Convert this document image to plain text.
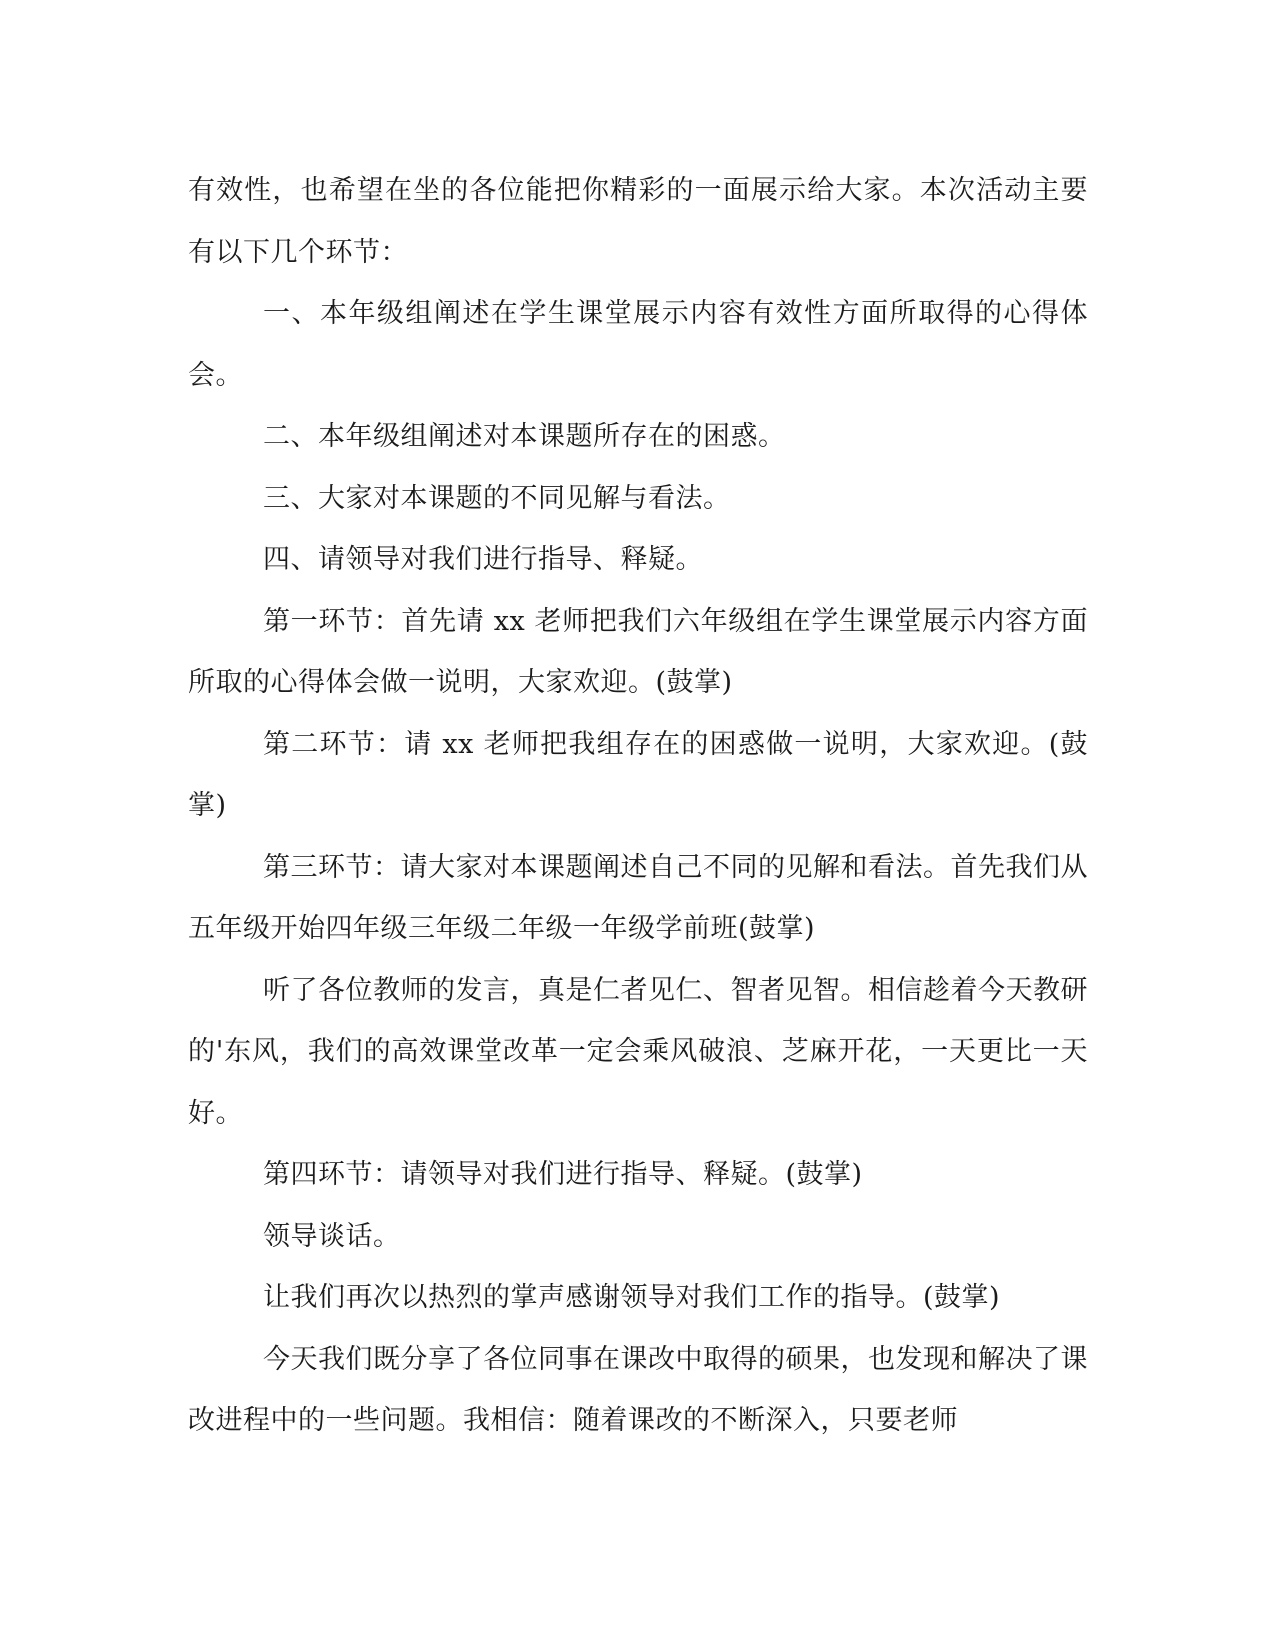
有效性，也希望在坐的各位能把你精彩的一面展示给大家。本次活动主要有以下几个环节：

一、本年级组阐述在学生课堂展示内容有效性方面所取得的心得体会。

二、本年级组阐述对本课题所存在的困惑。

三、大家对本课题的不同见解与看法。

四、请领导对我们进行指导、释疑。

第一环节：首先请 xx 老师把我们六年级组在学生课堂展示内容方面所取的心得体会做一说明，大家欢迎。(鼓掌)

第二环节：请 xx 老师把我组存在的困惑做一说明，大家欢迎。(鼓掌)

第三环节：请大家对本课题阐述自己不同的见解和看法。首先我们从五年级开始四年级三年级二年级一年级学前班(鼓掌)

听了各位教师的发言，真是仁者见仁、智者见智。相信趁着今天教研的'东风，我们的高效课堂改革一定会乘风破浪、芝麻开花，一天更比一天好。

第四环节：请领导对我们进行指导、释疑。(鼓掌)

领导谈话。

让我们再次以热烈的掌声感谢领导对我们工作的指导。(鼓掌)

今天我们既分享了各位同事在课改中取得的硕果，也发现和解决了课改进程中的一些问题。我相信：随着课改的不断深入，只要老师
